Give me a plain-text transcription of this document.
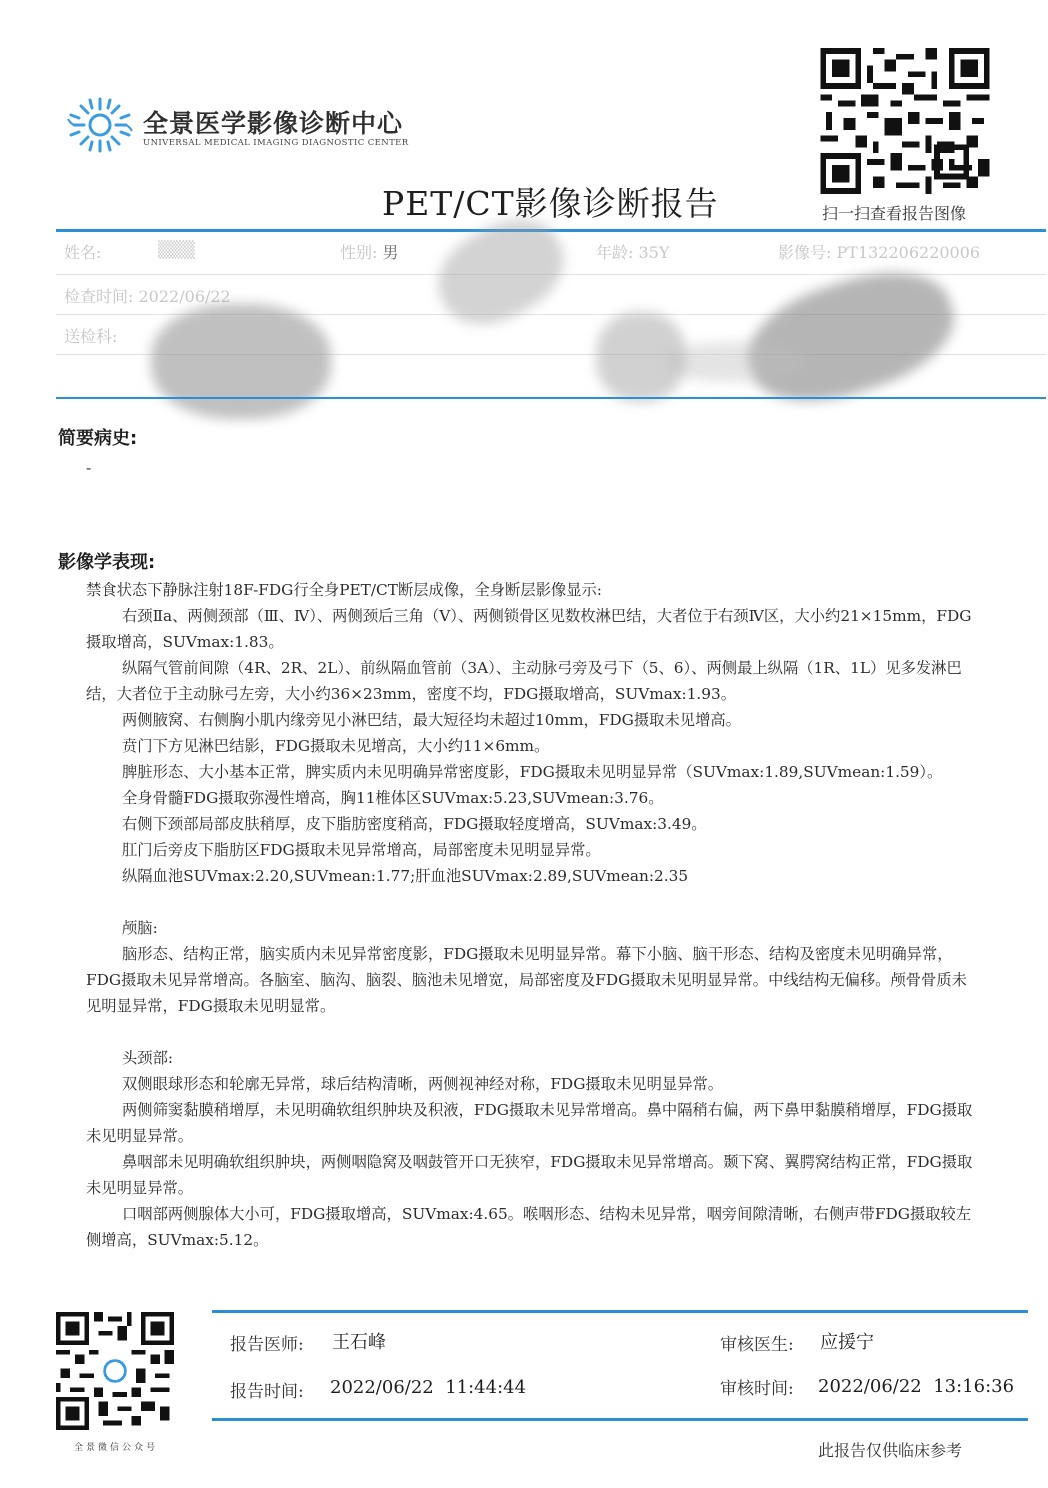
全景医学影像诊断中心
UNIVERSAL MEDICAL IMAGING DIAGNOSTIC CENTER
PET/CT影像诊断报告	扫一扫查看报告图像
姓名:	▒▒▒	性别: 男	年龄: 35Y	影像号: PT132206220006
检查时间: 2022/06/22
送检科:
简要病史:
-
影像学表现:

禁食状态下静脉注射18F-FDG行全身PET/CT断层成像，全身断层影像显示:

右颈Ⅱa、两侧颈部（Ⅲ、Ⅳ）、两侧颈后三角（Ⅴ）、两侧锁骨区见数枚淋巴结，大者位于右颈Ⅳ区，大小约21×15mm，FDG摄取增高，SUVmax:1.83。

纵隔气管前间隙（4R、2R、2L）、前纵隔血管前（3A）、主动脉弓旁及弓下（5、6）、两侧最上纵隔（1R、1L）见多发淋巴结，大者位于主动脉弓左旁，大小约36×23mm，密度不均，FDG摄取增高，SUVmax:1.93。

两侧腋窝、右侧胸小肌内缘旁见小淋巴结，最大短径均未超过10mm，FDG摄取未见增高。

贲门下方见淋巴结影，FDG摄取未见增高，大小约11×6mm。

脾脏形态、大小基本正常，脾实质内未见明确异常密度影，FDG摄取未见明显异常（SUVmax:1.89,SUVmean:1.59）。

全身骨髓FDG摄取弥漫性增高，胸11椎体区SUVmax:5.23,SUVmean:3.76。

右侧下颈部局部皮肤稍厚，皮下脂肪密度稍高，FDG摄取轻度增高，SUVmax:3.49。

肛门后旁皮下脂肪区FDG摄取未见异常增高，局部密度未见明显异常。

纵隔血池SUVmax:2.20,SUVmean:1.77;肝血池SUVmax:2.89,SUVmean:2.35

颅脑:

脑形态、结构正常，脑实质内未见异常密度影，FDG摄取未见明显异常。幕下小脑、脑干形态、结构及密度未见明确异常，FDG摄取未见异常增高。各脑室、脑沟、脑裂、脑池未见增宽，局部密度及FDG摄取未见明显异常。中线结构无偏移。颅骨骨质未见明显异常，FDG摄取未见明显常。

头颈部:

双侧眼球形态和轮廓无异常，球后结构清晰，两侧视神经对称，FDG摄取未见明显异常。

两侧筛窦黏膜稍增厚，未见明确软组织肿块及积液，FDG摄取未见异常增高。鼻中隔稍右偏，两下鼻甲黏膜稍增厚，FDG摄取未见明显异常。

鼻咽部未见明确软组织肿块，两侧咽隐窝及咽鼓管开口无狭窄，FDG摄取未见异常增高。颞下窝、翼腭窝结构正常，FDG摄取未见明显异常。

口咽部两侧腺体大小可，FDG摄取增高，SUVmax:4.65。喉咽形态、结构未见异常，咽旁间隙清晰，右侧声带FDG摄取较左侧增高，SUVmax:5.12。

全景微信公众号
报告医师: 王石峰	审核医生: 应援宁
报告时间: 2022/06/22  11:44:44	审核时间: 2022/06/22  13:16:36
此报告仅供临床参考
